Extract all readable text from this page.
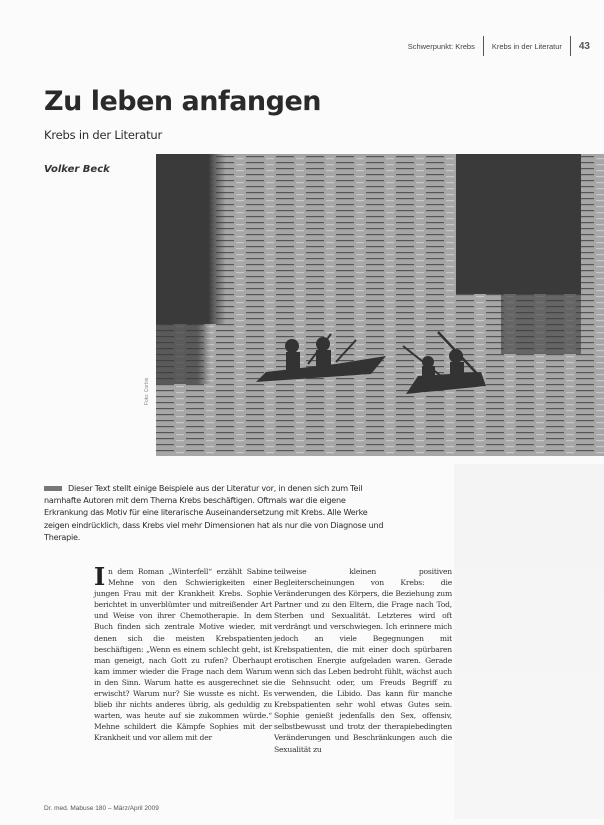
Schwerpunkt: Krebs Krebs in der Literatur 43
Zu leben anfangen
Krebs in der Literatur
Volker Beck
Foto: Corbis
Dieser Text stellt einige Beispiele aus der Literatur vor, in denen sich zum Teil namhafte Autoren mit dem Thema Krebs beschäftigen. Oftmals war die eigene Erkrankung das Motiv für eine literarische Auseinandersetzung mit Krebs. Alle Werke zeigen eindrücklich, dass Krebs viel mehr Dimensionen hat als nur die von Diagnose und Therapie.
In dem Roman „Winterfell“ erzählt Sabine Mehne von den Schwierigkeiten einer jungen Frau mit der Krankheit Krebs. Sophie berichtet in unverblümter und mitreißender Art und Weise von ihrer Chemotherapie. In dem Buch finden sich zentrale Motive wieder, mit denen sich die meisten Krebspatienten beschäftigen: „Wenn es einem schlecht geht, ist man geneigt, nach Gott zu rufen? Überhaupt kam immer wieder die Frage nach dem Warum in den Sinn. Warum hatte es ausgerechnet sie erwischt? Warum nur? Sie wusste es nicht. Es blieb ihr nichts anderes übrig, als geduldig zu warten, was heute auf sie zukommen würde.“ Mehne schildert die Kämpfe Sophies mit der Krankheit und vor allem mit der
teilweise kleinen positiven Begleiterscheinungen von Krebs: die Veränderungen des Körpers, die Beziehung zum Partner und zu den Eltern, die Frage nach Tod, Sterben und Sexualität. Letzteres wird oft verdrängt und verschwiegen. Ich erinnere mich jedoch an viele Begegnungen mit Krebspatienten, die mit einer doch spürbaren erotischen Energie aufgeladen waren. Gerade wenn sich das Leben bedroht fühlt, wächst auch die Sehnsucht oder, um Freuds Begriff zu verwenden, die Libido. Das kann für manche Krebspatienten sehr wohl etwas Gutes sein. Sophie genießt jedenfalls den Sex, offensiv, selbstbewusst und trotz der therapiebedingten Veränderungen und Beschränkungen auch die Sexualität zu
Dr. med. Mabuse 180 – März/April 2009
